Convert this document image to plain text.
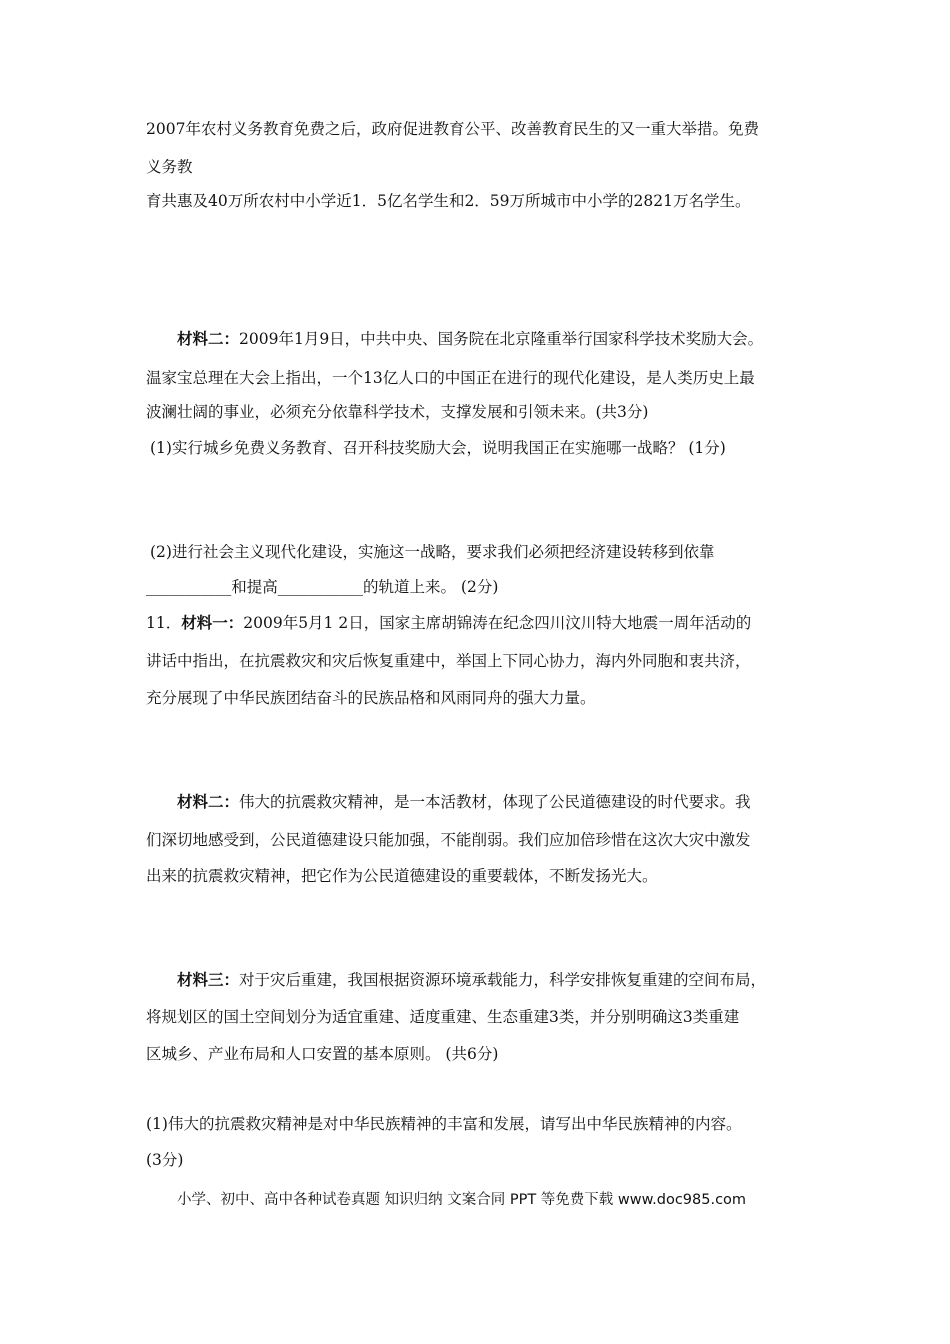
2007年农村义务教育免费之后，政府促进教育公平、改善教育民生的又一重大举措。免费
义务教
育共惠及40万所农村中小学近1．5亿名学生和2．59万所城市中小学的2821万名学生。
材料二：2009年1月9日，中共中央、国务院在北京隆重举行国家科学技术奖励大会。
温家宝总理在大会上指出，一个13亿人口的中国正在进行的现代化建设，是人类历史上最
波澜壮阔的事业，必须充分依靠科学技术，支撑发展和引领未来。(共3分)
(1)实行城乡免费义务教育、召开科技奖励大会，说明我国正在实施哪一战略？ (1分)
(2)进行社会主义现代化建设，实施这一战略，要求我们必须把经济建设转移到依靠
___________和提高___________的轨道上来。 (2分)
11．材料一：2009年5月1 2日，国家主席胡锦涛在纪念四川汶川特大地震一周年活动的
讲话中指出，在抗震救灾和灾后恢复重建中，举国上下同心协力，海内外同胞和衷共济，
充分展现了中华民族团结奋斗的民族品格和风雨同舟的强大力量。
材料二：伟大的抗震救灾精神，是一本活教材，体现了公民道德建设的时代要求。我
们深切地感受到，公民道德建设只能加强，不能削弱。我们应加倍珍惜在这次大灾中激发
出来的抗震救灾精神，把它作为公民道德建设的重要载体，不断发扬光大。
材料三：对于灾后重建，我国根据资源环境承载能力，科学安排恢复重建的空间布局，
将规划区的国土空间划分为适宜重建、适度重建、生态重建3类，并分别明确这3类重建
区城乡、产业布局和人口安置的基本原则。 (共6分)
(1)伟大的抗震救灾精神是对中华民族精神的丰富和发展，请写出中华民族精神的内容。
(3分)
小学、初中、高中各种试卷真题 知识归纳 文案合同 PPT 等免费下载 www.doc985.com
